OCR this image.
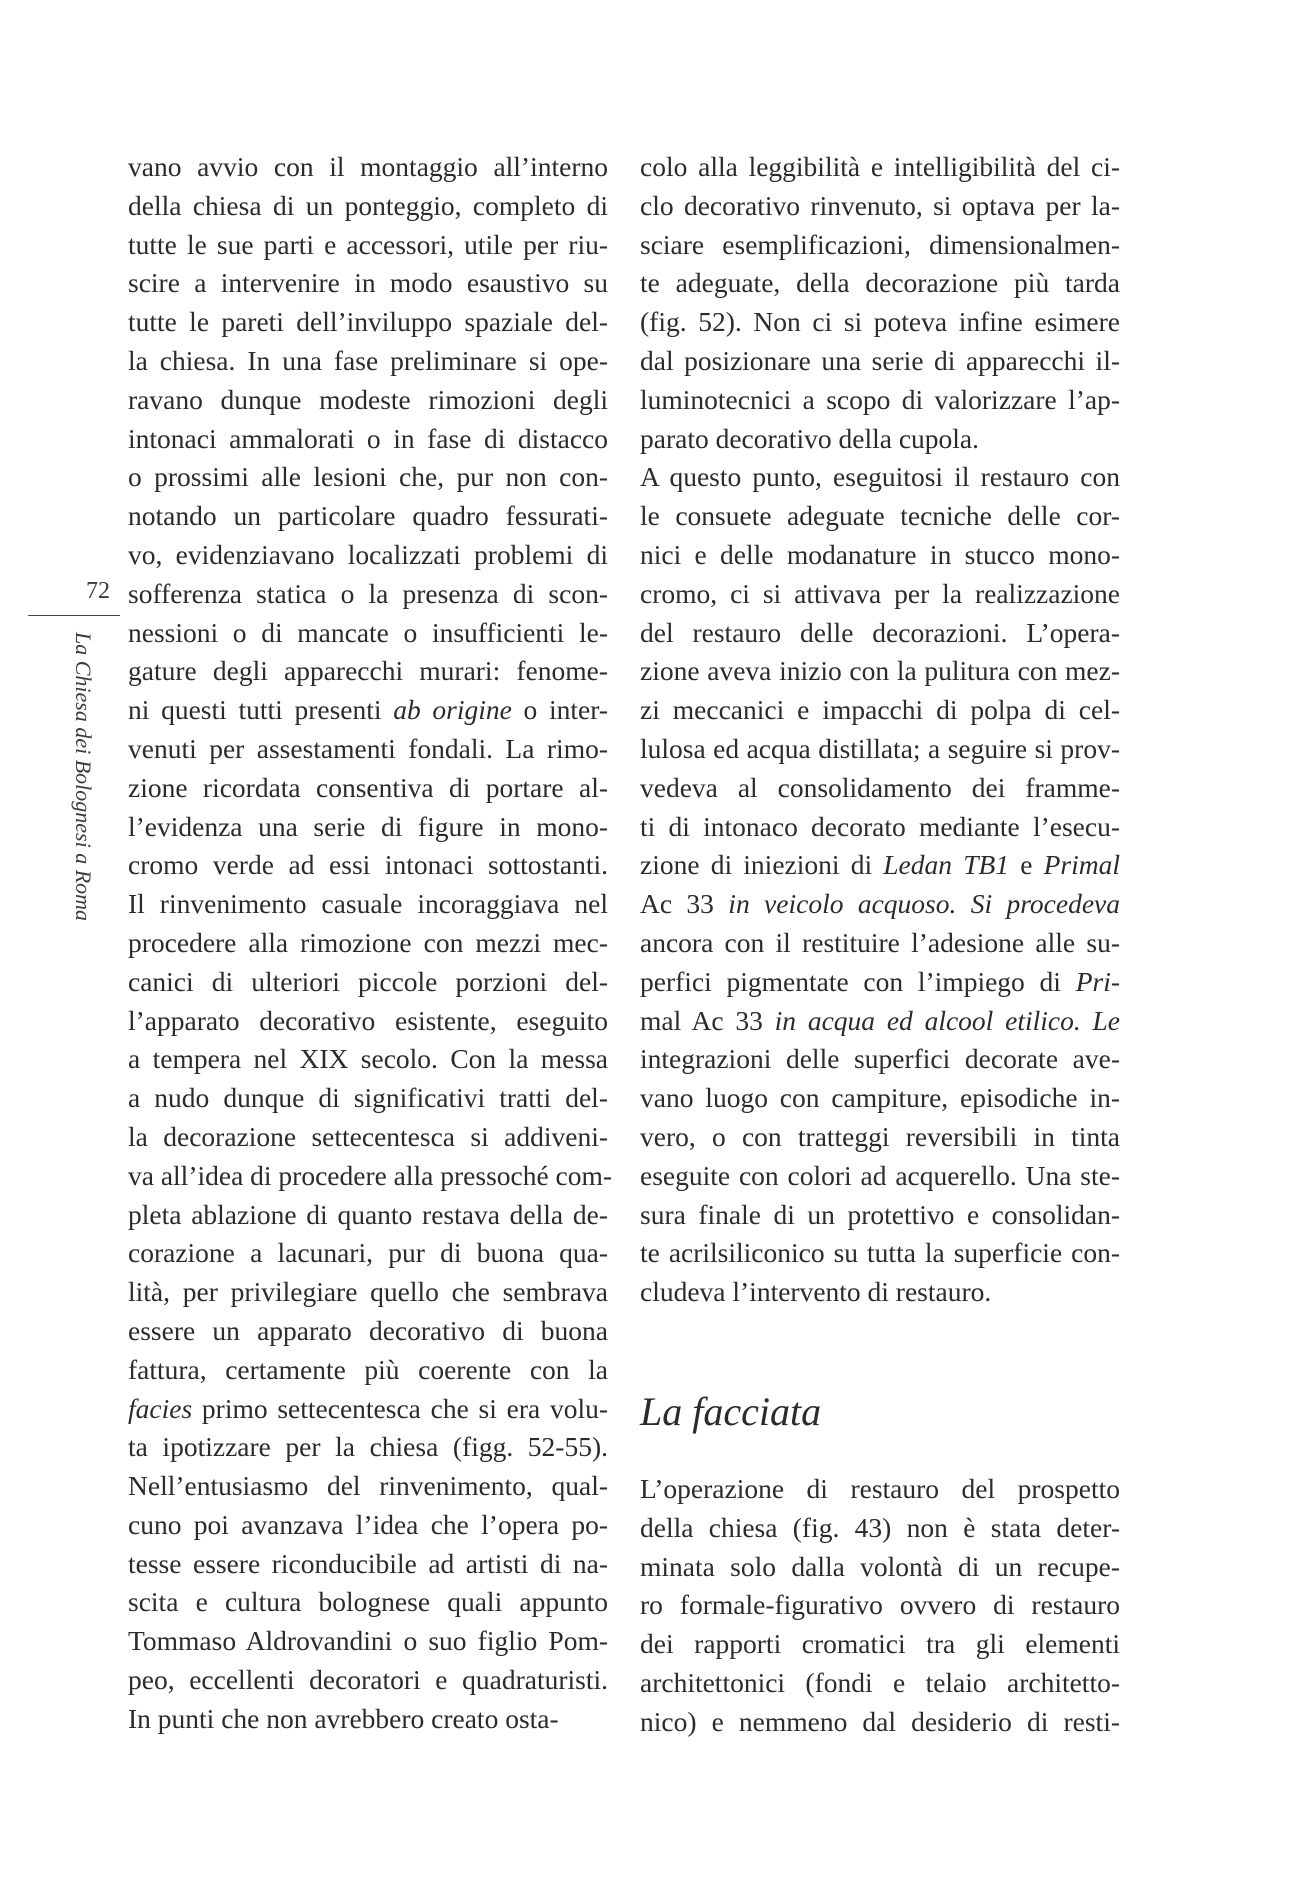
72
La Chiesa dei Bolognesi a Roma
vano avvio con il montaggio all’interno
della chiesa di un ponteggio, completo di
tutte le sue parti e accessori, utile per riu-
scire a intervenire in modo esaustivo su
tutte le pareti dell’inviluppo spaziale del-
la chiesa. In una fase preliminare si ope-
ravano dunque modeste rimozioni degli
intonaci ammalorati o in fase di distacco
o prossimi alle lesioni che, pur non con-
notando un particolare quadro fessurati-
vo, evidenziavano localizzati problemi di
sofferenza statica o la presenza di scon-
nessioni o di mancate o insufficienti le-
gature degli apparecchi murari: fenome-
ni questi tutti presenti ab origine o inter-
venuti per assestamenti fondali. La rimo-
zione ricordata consentiva di portare al-
l’evidenza una serie di figure in mono-
cromo verde ad essi intonaci sottostanti.
Il rinvenimento casuale incoraggiava nel
procedere alla rimozione con mezzi mec-
canici di ulteriori piccole porzioni del-
l’apparato decorativo esistente, eseguito
a tempera nel XIX secolo. Con la messa
a nudo dunque di significativi tratti del-
la decorazione settecentesca si addiveni-
va all’idea di procedere alla pressoché com-
pleta ablazione di quanto restava della de-
corazione a lacunari, pur di buona qua-
lità, per privilegiare quello che sembrava
essere un apparato decorativo di buona
fattura, certamente più coerente con la
facies primo settecentesca che si era volu-
ta ipotizzare per la chiesa (figg. 52-55).
Nell’entusiasmo del rinvenimento, qual-
cuno poi avanzava l’idea che l’opera po-
tesse essere riconducibile ad artisti di na-
scita e cultura bolognese quali appunto
Tommaso Aldrovandini o suo figlio Pom-
peo, eccellenti decoratori e quadraturisti.
In punti che non avrebbero creato osta-
colo alla leggibilità e intelligibilità del ci-
clo decorativo rinvenuto, si optava per la-
sciare esemplificazioni, dimensionalmen-
te adeguate, della decorazione più tarda
(fig. 52). Non ci si poteva infine esimere
dal posizionare una serie di apparecchi il-
luminotecnici a scopo di valorizzare l’ap-
parato decorativo della cupola.
A questo punto, eseguitosi il restauro con
le consuete adeguate tecniche delle cor-
nici e delle modanature in stucco mono-
cromo, ci si attivava per la realizzazione
del restauro delle decorazioni. L’opera-
zione aveva inizio con la pulitura con mez-
zi meccanici e impacchi di polpa di cel-
lulosa ed acqua distillata; a seguire si prov-
vedeva al consolidamento dei framme-
ti di intonaco decorato mediante l’esecu-
zione di iniezioni di Ledan TB1 e Primal
Ac 33 in veicolo acquoso. Si procedeva
ancora con il restituire l’adesione alle su-
perfici pigmentate con l’impiego di Pri-
mal Ac 33 in acqua ed alcool etilico. Le
integrazioni delle superfici decorate ave-
vano luogo con campiture, episodiche in-
vero, o con tratteggi reversibili in tinta
eseguite con colori ad acquerello. Una ste-
sura finale di un protettivo e consolidan-
te acrilsiliconico su tutta la superficie con-
cludeva l’intervento di restauro.
La facciata
L’operazione di restauro del prospetto
della chiesa (fig. 43) non è stata deter-
minata solo dalla volontà di un recupe-
ro formale-figurativo ovvero di restauro
dei rapporti cromatici tra gli elementi
architettonici (fondi e telaio architetto-
nico) e nemmeno dal desiderio di resti-
